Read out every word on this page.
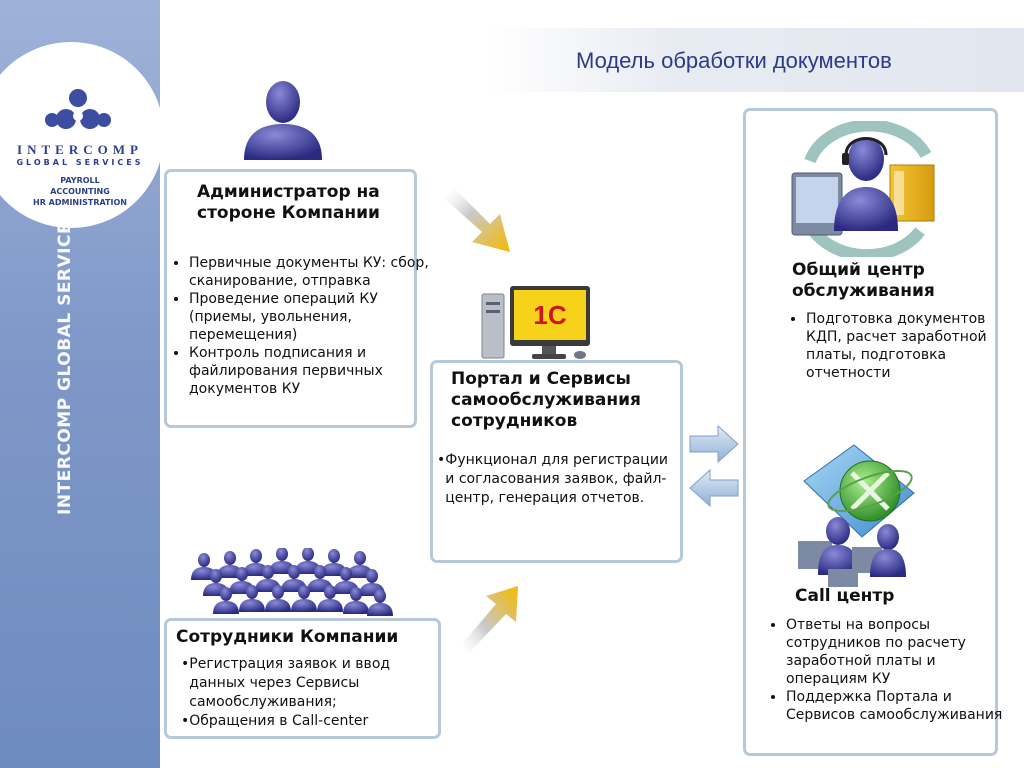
INTERCOMP
GLOBAL SERVICES
PAYROLL
ACCOUNTING
HR ADMINISTRATION
INTERCOMP GLOBAL SERVICES
Модель обработки документов
Администратор на стороне Компании
• Первичные документы КУ: сбор, сканирование, отправка
• Проведение операций КУ (приемы, увольнения, перемещения)
• Контроль подписания и файлирования первичных документов КУ
1С
Портал и Сервисы самообслуживания сотрудников
• Функционал для регистрации и согласования заявок, файл-центр, генерация отчетов.
Сотрудники Компании
• Регистрация заявок и ввод данных через Сервисы самообслуживания;
• Обращения в Call-center
Общий центр обслуживания
• Подготовка документов КДП, расчет заработной платы, подготовка отчетности
Call центр
• Ответы на вопросы сотрудников по расчету заработной платы и операциям КУ
• Поддержка Портала и Сервисов самообслуживания
